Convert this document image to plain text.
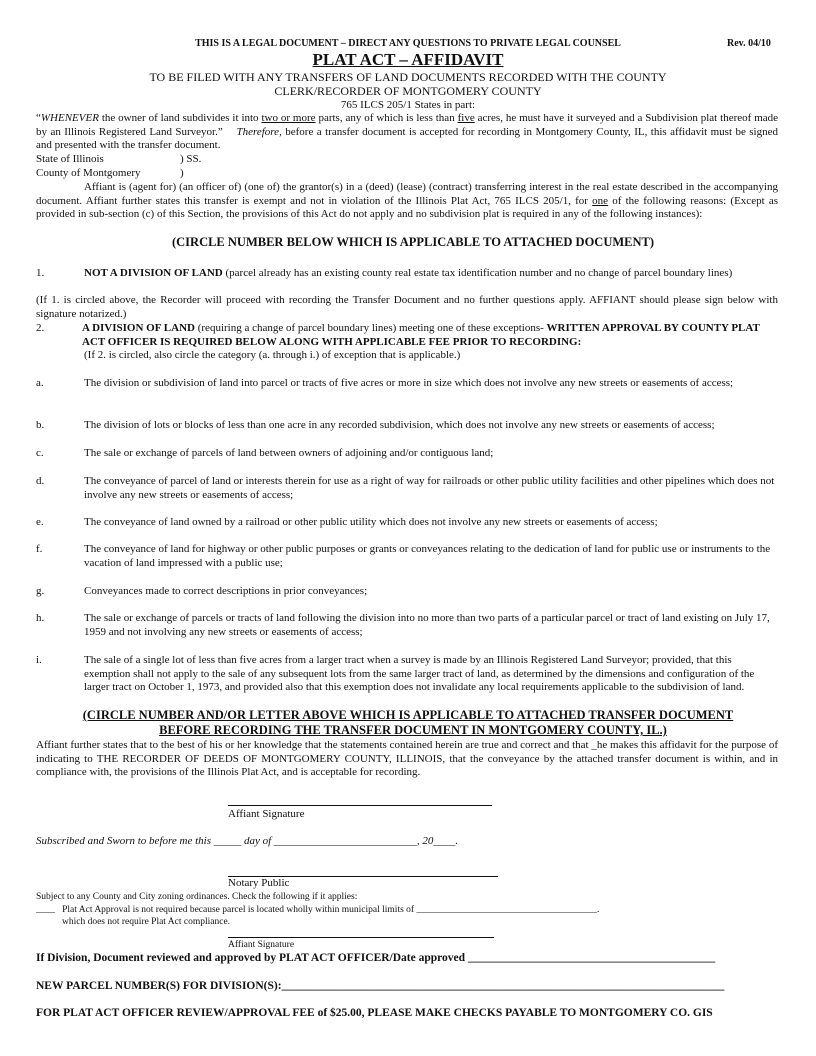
THIS IS A LEGAL DOCUMENT – DIRECT ANY QUESTIONS TO PRIVATE LEGAL COUNSEL	Rev. 04/10
PLAT ACT – AFFIDAVIT
TO BE FILED WITH ANY TRANSFERS OF LAND DOCUMENTS RECORDED WITH THE COUNTY
CLERK/RECORDER OF MONTGOMERY COUNTY
765 ILCS 205/1 States in part:
“WHENEVER the owner of land subdivides it into two or more parts, any of which is less than five acres, he must have it surveyed and a Subdivision plat thereof made by an Illinois Registered Land Surveyor.”    Therefore, before a transfer document is accepted for recording in Montgomery County, IL, this affidavit must be signed and presented with the transfer document.
State of Illinois	) SS.
County of Montgomery	)
Affiant is (agent for) (an officer of) (one of) the grantor(s) in a (deed) (lease) (contract) transferring interest in the real estate described in the accompanying document. Affiant further states this transfer is exempt and not in violation of the Illinois Plat Act, 765 ILCS 205/1, for one of the following reasons: (Except as provided in sub-section (c) of this Section, the provisions of this Act do not apply and no subdivision plat is required in any of the following instances):
(CIRCLE NUMBER BELOW WHICH IS APPLICABLE TO ATTACHED DOCUMENT)
1.	NOT A DIVISION OF LAND (parcel already has an existing county real estate tax identification number and no change of parcel boundary lines)
(If 1. is circled above, the Recorder will proceed with recording the Transfer Document and no further questions apply. AFFIANT should please sign below with signature notarized.)
2.	A DIVISION OF LAND (requiring a change of parcel boundary lines) meeting one of these exceptions- WRITTEN APPROVAL BY COUNTY PLAT ACT OFFICER IS REQUIRED BELOW ALONG WITH APPLICABLE FEE PRIOR TO RECORDING:
(If 2. is circled, also circle the category (a. through i.) of exception that is applicable.)
a.	The division or subdivision of land into parcel or tracts of five acres or more in size which does not involve any new streets or easements of access;
b.	The division of lots or blocks of less than one acre in any recorded subdivision, which does not involve any new streets or easements of access;
c.	The sale or exchange of parcels of land between owners of adjoining and/or contiguous land;
d.	The conveyance of parcel of land or interests therein for use as a right of way for railroads or other public utility facilities and other pipelines which does not involve any new streets or easements of access;
e.	The conveyance of land owned by a railroad or other public utility which does not involve any new streets or easements of access;
f.	The conveyance of land for highway or other public purposes or grants or conveyances relating to the dedication of land for public use or instruments to the vacation of land impressed with a public use;
g.	Conveyances made to correct descriptions in prior conveyances;
h.	The sale or exchange of parcels or tracts of land following the division into no more than two parts of a particular parcel or tract of land existing on July 17, 1959 and not involving any new streets or easements of access;
i.	The sale of a single lot of less than five acres from a larger tract when a survey is made by an Illinois Registered Land Surveyor; provided, that this exemption shall not apply to the sale of any subsequent lots from the same larger tract of land, as determined by the dimensions and configuration of the larger tract on October 1, 1973, and provided also that this exemption does not invalidate any local requirements applicable to the subdivision of land.
(CIRCLE NUMBER AND/OR LETTER ABOVE WHICH IS APPLICABLE TO ATTACHED TRANSFER DOCUMENT
BEFORE RECORDING THE TRANSFER DOCUMENT IN MONTGOMERY COUNTY, IL.)
Affiant further states that to the best of his or her knowledge that the statements contained herein are true and correct and that _he makes this affidavit for the purpose of indicating to THE RECORDER OF DEEDS OF MONTGOMERY COUNTY, ILLINOIS, that the conveyance by the attached transfer document is within, and in compliance with, the provisions of the Illinois Plat Act, and is acceptable for recording.
Affiant Signature
Subscribed and Sworn to before me this _____ day of __________________________, 20____.
Notary Public
Subject to any County and City zoning ordinances. Check the following if it applies:
____   Plat Act Approval is not required because parcel is located wholly within municipal limits of ______________________________________.
which does not require Plat Act compliance.
Affiant Signature
If Division, Document reviewed and approved by PLAT ACT OFFICER/Date approved ___________________________________________
NEW PARCEL NUMBER(S) FOR DIVISION(S):_____________________________________________________________________________
FOR PLAT ACT OFFICER REVIEW/APPROVAL FEE of $25.00, PLEASE MAKE CHECKS PAYABLE TO MONTGOMERY CO. GIS
